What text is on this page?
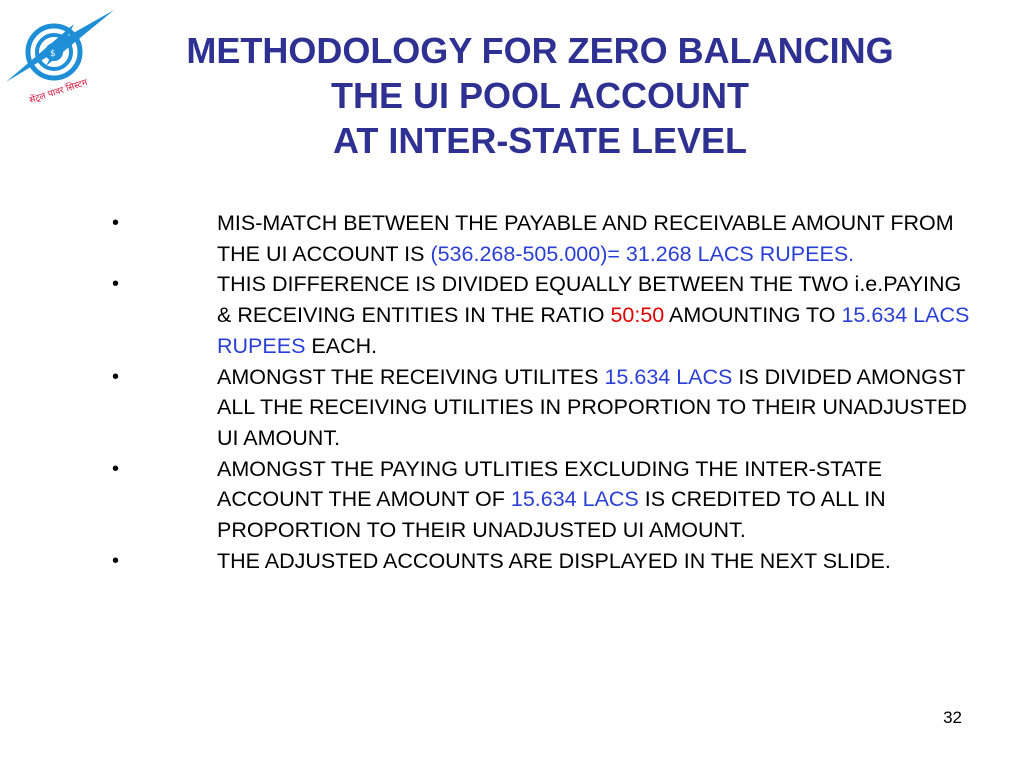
$
सेंट्रल पावर सिस्टम
METHODOLOGY FOR ZERO BALANCING
THE UI POOL ACCOUNT
AT INTER-STATE LEVEL
•	MIS-MATCH BETWEEN THE PAYABLE AND RECEIVABLE AMOUNT FROM THE UI ACCOUNT IS (536.268-505.000)= 31.268 LACS RUPEES.
•	THIS DIFFERENCE IS DIVIDED EQUALLY BETWEEN THE TWO i.e.PAYING & RECEIVING ENTITIES IN THE RATIO 50:50 AMOUNTING TO 15.634 LACS RUPEES EACH.
•	AMONGST THE RECEIVING UTILITES 15.634 LACS IS DIVIDED AMONGST ALL THE RECEIVING UTILITIES IN PROPORTION TO THEIR UNADJUSTED UI AMOUNT.
•	AMONGST THE PAYING UTLITIES EXCLUDING THE INTER-STATE ACCOUNT THE AMOUNT OF 15.634 LACS IS CREDITED TO ALL IN PROPORTION TO THEIR UNADJUSTED UI AMOUNT.
•	THE ADJUSTED ACCOUNTS ARE DISPLAYED IN THE NEXT SLIDE.
32
